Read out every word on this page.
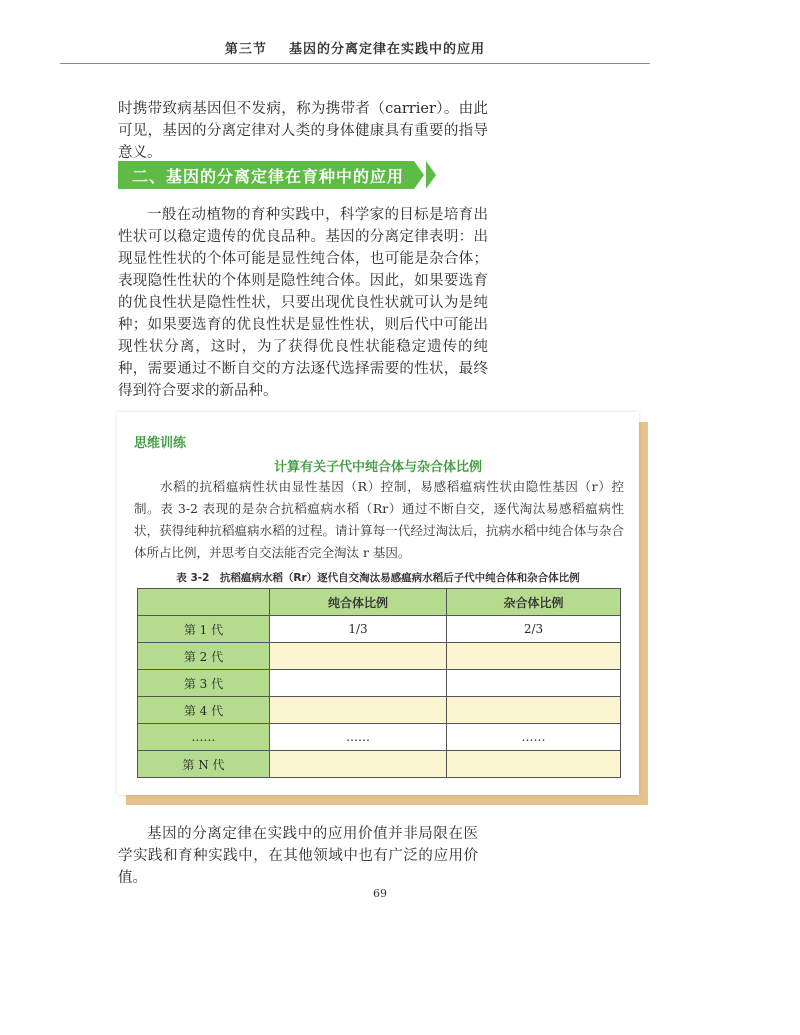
第三节 基因的分离定律在实践中的应用

时携带致病基因但不发病，称为携带者（carrier）。由此可见，基因的分离定律对人类的身体健康具有重要的指导意义。

二、基因的分离定律在育种中的应用

一般在动植物的育种实践中，科学家的目标是培育出性状可以稳定遗传的优良品种。基因的分离定律表明：出现显性性状的个体可能是显性纯合体，也可能是杂合体；表现隐性性状的个体则是隐性纯合体。因此，如果要选育的优良性状是隐性性状，只要出现优良性状就可认为是纯种；如果要选育的优良性状是显性性状，则后代中可能出现性状分离，这时，为了获得优良性状能稳定遗传的纯种，需要通过不断自交的方法逐代选择需要的性状，最终得到符合要求的新品种。

思维训练
计算有关子代中纯合体与杂合体比例

水稻的抗稻瘟病性状由显性基因（R）控制，易感稻瘟病性状由隐性基因（r）控制。表 3-2 表现的是杂合抗稻瘟病水稻（Rr）通过不断自交，逐代淘汰易感稻瘟病性状，获得纯种抗稻瘟病水稻的过程。请计算每一代经过淘汰后，抗病水稻中纯合体与杂合体所占比例，并思考自交法能否完全淘汰 r 基因。

表 3-2　抗稻瘟病水稻（Rr）逐代自交淘汰易感瘟病水稻后子代中纯合体和杂合体比例
	纯合体比例	杂合体比例
第 1 代	1/3	2/3
第 2 代		
第 3 代		
第 4 代		
……	……	……
第 N 代		

基因的分离定律在实践中的应用价值并非局限在医学实践和育种实践中，在其他领域中也有广泛的应用价值。

69
